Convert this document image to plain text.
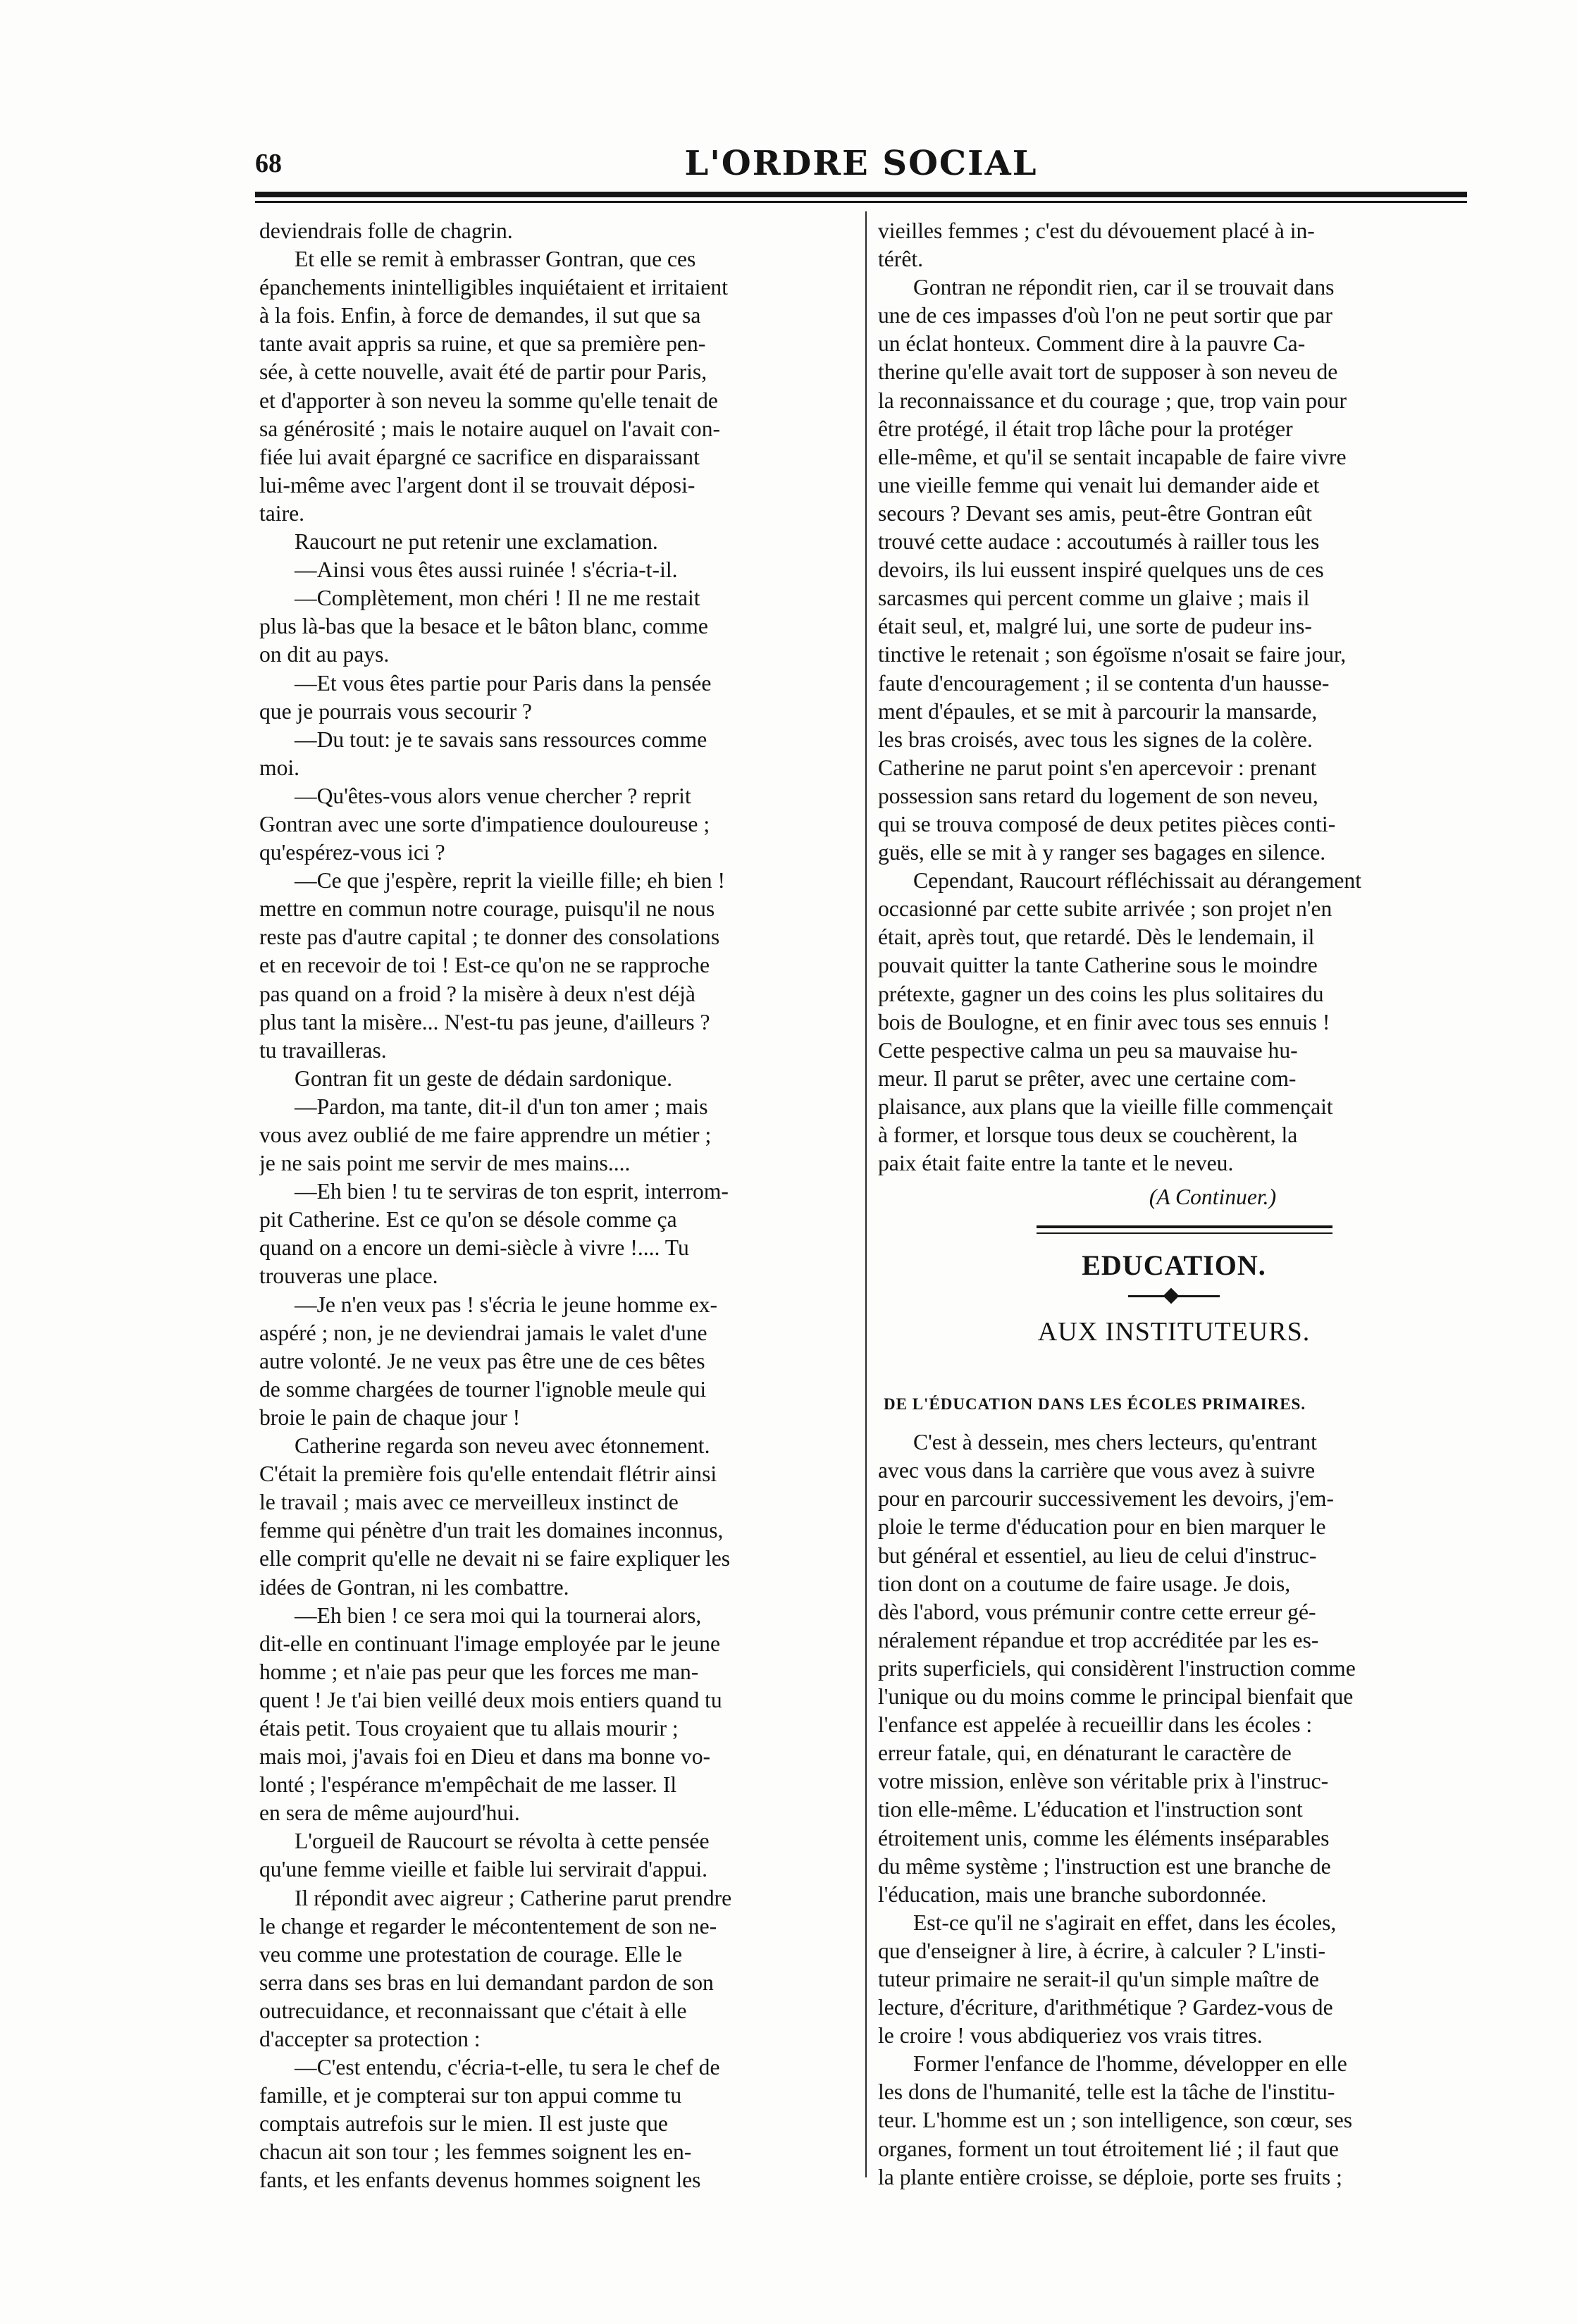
68	L'ORDRE SOCIAL
deviendrais folle de chagrin.
Et elle se remit à embrasser Gontran, que ces
épanchements inintelligibles inquiétaient et irritaient
à la fois. Enfin, à force de demandes, il sut que sa
tante avait appris sa ruine, et que sa première pen-
sée, à cette nouvelle, avait été de partir pour Paris,
et d'apporter à son neveu la somme qu'elle tenait de
sa générosité ; mais le notaire auquel on l'avait con-
fiée lui avait épargné ce sacrifice en disparaissant
lui-même avec l'argent dont il se trouvait déposi-
taire.
Raucourt ne put retenir une exclamation.
—Ainsi vous êtes aussi ruinée ! s'écria-t-il.
—Complètement, mon chéri ! Il ne me restait
plus là-bas que la besace et le bâton blanc, comme
on dit au pays.
—Et vous êtes partie pour Paris dans la pensée
que je pourrais vous secourir ?
—Du tout: je te savais sans ressources comme
moi.
—Qu'êtes-vous alors venue chercher ? reprit
Gontran avec une sorte d'impatience douloureuse ;
qu'espérez-vous ici ?
—Ce que j'espère, reprit la vieille fille; eh bien !
mettre en commun notre courage, puisqu'il ne nous
reste pas d'autre capital ; te donner des consolations
et en recevoir de toi ! Est-ce qu'on ne se rapproche
pas quand on a froid ? la misère à deux n'est déjà
plus tant la misère... N'est-tu pas jeune, d'ailleurs ?
tu travailleras.
Gontran fit un geste de dédain sardonique.
—Pardon, ma tante, dit-il d'un ton amer ; mais
vous avez oublié de me faire apprendre un métier ;
je ne sais point me servir de mes mains....
—Eh bien ! tu te serviras de ton esprit, interrom-
pit Catherine. Est ce qu'on se désole comme ça
quand on a encore un demi-siècle à vivre !.... Tu
trouveras une place.
—Je n'en veux pas ! s'écria le jeune homme ex-
aspéré ; non, je ne deviendrai jamais le valet d'une
autre volonté. Je ne veux pas être une de ces bêtes
de somme chargées de tourner l'ignoble meule qui
broie le pain de chaque jour !
Catherine regarda son neveu avec étonnement.
C'était la première fois qu'elle entendait flétrir ainsi
le travail ; mais avec ce merveilleux instinct de
femme qui pénètre d'un trait les domaines inconnus,
elle comprit qu'elle ne devait ni se faire expliquer les
idées de Gontran, ni les combattre.
—Eh bien ! ce sera moi qui la tournerai alors,
dit-elle en continuant l'image employée par le jeune
homme ; et n'aie pas peur que les forces me man-
quent ! Je t'ai bien veillé deux mois entiers quand tu
étais petit. Tous croyaient que tu allais mourir ;
mais moi, j'avais foi en Dieu et dans ma bonne vo-
lonté ; l'espérance m'empêchait de me lasser. Il
en sera de même aujourd'hui.
L'orgueil de Raucourt se révolta à cette pensée
qu'une femme vieille et faible lui servirait d'appui.
Il répondit avec aigreur ; Catherine parut prendre
le change et regarder le mécontentement de son ne-
veu comme une protestation de courage. Elle le
serra dans ses bras en lui demandant pardon de son
outrecuidance, et reconnaissant que c'était à elle
d'accepter sa protection :
—C'est entendu, c'écria-t-elle, tu sera le chef de
famille, et je compterai sur ton appui comme tu
comptais autrefois sur le mien. Il est juste que
chacun ait son tour ; les femmes soignent les en-
fants, et les enfants devenus hommes soignent les
vieilles femmes ; c'est du dévouement placé à in-
térêt.
Gontran ne répondit rien, car il se trouvait dans
une de ces impasses d'où l'on ne peut sortir que par
un éclat honteux. Comment dire à la pauvre Ca-
therine qu'elle avait tort de supposer à son neveu de
la reconnaissance et du courage ; que, trop vain pour
être protégé, il était trop lâche pour la protéger
elle-même, et qu'il se sentait incapable de faire vivre
une vieille femme qui venait lui demander aide et
secours ? Devant ses amis, peut-être Gontran eût
trouvé cette audace : accoutumés à railler tous les
devoirs, ils lui eussent inspiré quelques uns de ces
sarcasmes qui percent comme un glaive ; mais il
était seul, et, malgré lui, une sorte de pudeur ins-
tinctive le retenait ; son égoïsme n'osait se faire jour,
faute d'encouragement ; il se contenta d'un hausse-
ment d'épaules, et se mit à parcourir la mansarde,
les bras croisés, avec tous les signes de la colère.
Catherine ne parut point s'en apercevoir : prenant
possession sans retard du logement de son neveu,
qui se trouva composé de deux petites pièces conti-
guës, elle se mit à y ranger ses bagages en silence.
Cependant, Raucourt réfléchissait au dérangement
occasionné par cette subite arrivée ; son projet n'en
était, après tout, que retardé. Dès le lendemain, il
pouvait quitter la tante Catherine sous le moindre
prétexte, gagner un des coins les plus solitaires du
bois de Boulogne, et en finir avec tous ses ennuis !
Cette pespective calma un peu sa mauvaise hu-
meur. Il parut se prêter, avec une certaine com-
plaisance, aux plans que la vieille fille commençait
à former, et lorsque tous deux se couchèrent, la
paix était faite entre la tante et le neveu.
(A Continuer.)
EDUCATION.
AUX INSTITUTEURS.
DE L'ÉDUCATION DANS LES ÉCOLES PRIMAIRES.
C'est à dessein, mes chers lecteurs, qu'entrant
avec vous dans la carrière que vous avez à suivre
pour en parcourir successivement les devoirs, j'em-
ploie le terme d'éducation pour en bien marquer le
but général et essentiel, au lieu de celui d'instruc-
tion dont on a coutume de faire usage. Je dois,
dès l'abord, vous prémunir contre cette erreur gé-
néralement répandue et trop accréditée par les es-
prits superficiels, qui considèrent l'instruction comme
l'unique ou du moins comme le principal bienfait que
l'enfance est appelée à recueillir dans les écoles :
erreur fatale, qui, en dénaturant le caractère de
votre mission, enlève son véritable prix à l'instruc-
tion elle-même. L'éducation et l'instruction sont
étroitement unis, comme les éléments inséparables
du même système ; l'instruction est une branche de
l'éducation, mais une branche subordonnée.
Est-ce qu'il ne s'agirait en effet, dans les écoles,
que d'enseigner à lire, à écrire, à calculer ? L'insti-
tuteur primaire ne serait-il qu'un simple maître de
lecture, d'écriture, d'arithmétique ? Gardez-vous de
le croire ! vous abdiqueriez vos vrais titres.
Former l'enfance de l'homme, développer en elle
les dons de l'humanité, telle est la tâche de l'institu-
teur. L'homme est un ; son intelligence, son cœur, ses
organes, forment un tout étroitement lié ; il faut que
la plante entière croisse, se déploie, porte ses fruits ;
